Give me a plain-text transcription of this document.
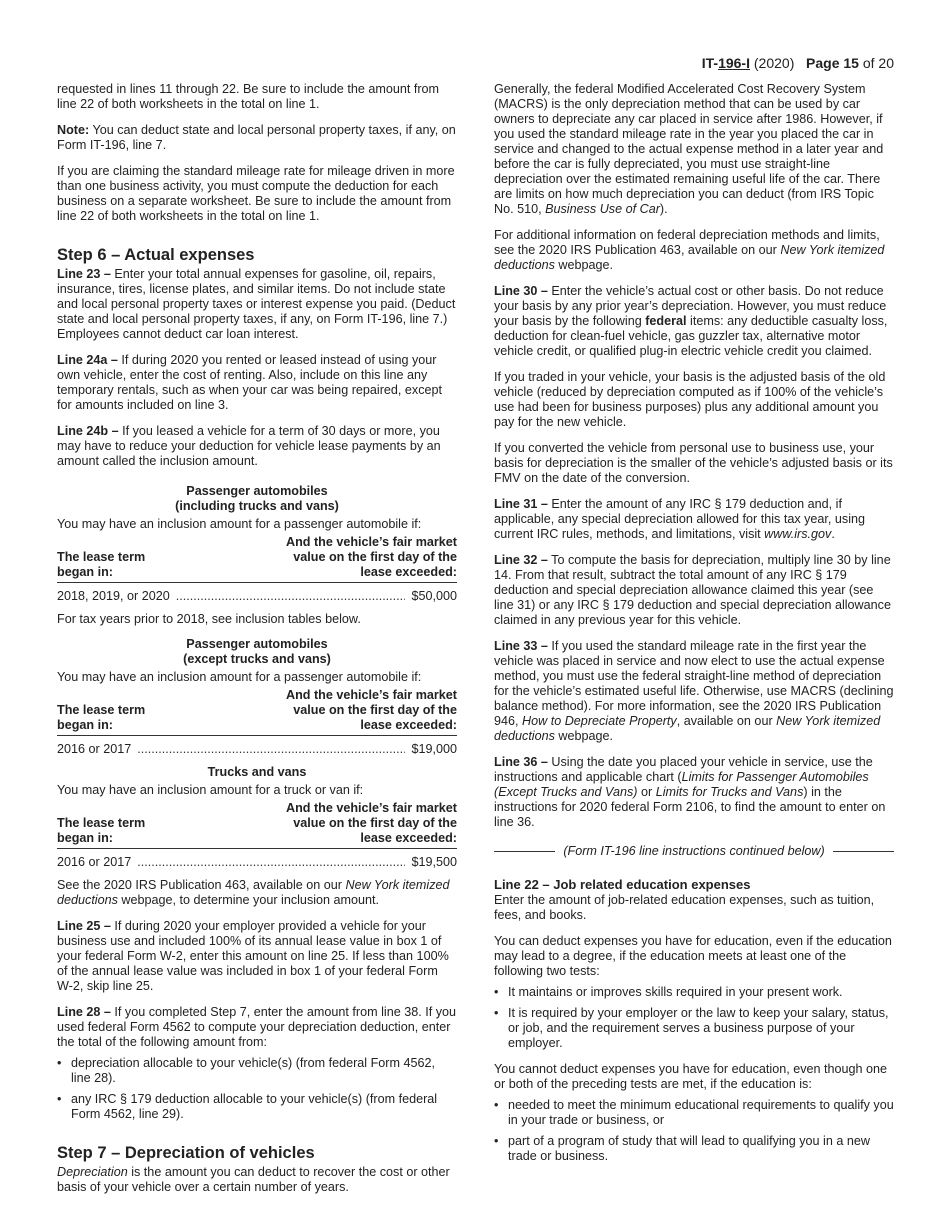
IT-196-I (2020) Page 15 of 20

requested in lines 11 through 22. Be sure to include the amount from line 22 of both worksheets in the total on line 1.

Note: You can deduct state and local personal property taxes, if any, on Form IT-196, line 7.

If you are claiming the standard mileage rate for mileage driven in more than one business activity, you must compute the deduction for each business on a separate worksheet. Be sure to include the amount from line 22 of both worksheets in the total on line 1.

Step 6 – Actual expenses

Line 23 – Enter your total annual expenses for gasoline, oil, repairs, insurance, tires, license plates, and similar items. Do not include state and local personal property taxes or interest expense you paid. (Deduct state and local personal property taxes, if any, on Form IT-196, line 7.) Employees cannot deduct car loan interest.

Line 24a – If during 2020 you rented or leased instead of using your own vehicle, enter the cost of renting. Also, include on this line any temporary rentals, such as when your car was being repaired, except for amounts included on line 3.

Line 24b – If you leased a vehicle for a term of 30 days or more, you may have to reduce your deduction for vehicle lease payments by an amount called the inclusion amount.

Passenger automobiles
(including trucks and vans)

You may have an inclusion amount for a passenger automobile if:

The lease term
began in:
And the vehicle’s fair market
value on the first day of the
lease exceeded:
2018, 2019, or 2020 .....	$50,000

For tax years prior to 2018, see inclusion tables below.

Passenger automobiles
(except trucks and vans)

You may have an inclusion amount for a passenger automobile if:

The lease term
began in:
And the vehicle’s fair market
value on the first day of the
lease exceeded:
2016 or 2017 .....	$19,000
Trucks and vans

You may have an inclusion amount for a truck or van if:

The lease term
began in:
And the vehicle’s fair market
value on the first day of the
lease exceeded:
2016 or 2017 .....	$19,500

See the 2020 IRS Publication 463, available on our New York itemized deductions webpage, to determine your inclusion amount.

Line 25 – If during 2020 your employer provided a vehicle for your business use and included 100% of its annual lease value in box 1 of your federal Form W-2, enter this amount on line 25. If less than 100% of the annual lease value was included in box 1 of your federal Form W-2, skip line 25.

Line 28 – If you completed Step 7, enter the amount from line 38. If you used federal Form 4562 to compute your depreciation deduction, enter the total of the following amount from:

• depreciation allocable to your vehicle(s) (from federal Form 4562, line 28).
• any IRC § 179 deduction allocable to your vehicle(s) (from federal Form 4562, line 29).
Step 7 – Depreciation of vehicles

Depreciation is the amount you can deduct to recover the cost or other basis of your vehicle over a certain number of years.

Generally, the federal Modified Accelerated Cost Recovery System (MACRS) is the only depreciation method that can be used by car owners to depreciate any car placed in service after 1986. However, if you used the standard mileage rate in the year you placed the car in service and changed to the actual expense method in a later year and before the car is fully depreciated, you must use straight-line depreciation over the estimated remaining useful life of the car. There are limits on how much depreciation you can deduct (from IRS Topic No. 510, Business Use of Car).

For additional information on federal depreciation methods and limits, see the 2020 IRS Publication 463, available on our New York itemized deductions webpage.

Line 30 – Enter the vehicle’s actual cost or other basis. Do not reduce your basis by any prior year’s depreciation. However, you must reduce your basis by the following federal items: any deductible casualty loss, deduction for clean-fuel vehicle, gas guzzler tax, alternative motor vehicle credit, or qualified plug-in electric vehicle credit you claimed.

If you traded in your vehicle, your basis is the adjusted basis of the old vehicle (reduced by depreciation computed as if 100% of the vehicle’s use had been for business purposes) plus any additional amount you pay for the new vehicle.

If you converted the vehicle from personal use to business use, your basis for depreciation is the smaller of the vehicle’s adjusted basis or its FMV on the date of the conversion.

Line 31 – Enter the amount of any IRC § 179 deduction and, if applicable, any special depreciation allowed for this tax year, using current IRC rules, methods, and limitations, visit www.irs.gov.

Line 32 – To compute the basis for depreciation, multiply line 30 by line 14. From that result, subtract the total amount of any IRC § 179 deduction and special depreciation allowance claimed this year (see line 31) or any IRC § 179 deduction and special depreciation allowance claimed in any previous year for this vehicle.

Line 33 – If you used the standard mileage rate in the first year the vehicle was placed in service and now elect to use the actual expense method, you must use the federal straight-line method of depreciation for the vehicle’s estimated useful life. Otherwise, use MACRS (declining balance method). For more information, see the 2020 IRS Publication 946, How to Depreciate Property, available on our New York itemized deductions webpage.

Line 36 – Using the date you placed your vehicle in service, use the instructions and applicable chart (Limits for Passenger Automobiles (Except Trucks and Vans) or Limits for Trucks and Vans) in the instructions for 2020 federal Form 2106, to find the amount to enter on line 36.

(Form IT-196 line instructions continued below)
Line 22 – Job related education expenses

Enter the amount of job-related education expenses, such as tuition, fees, and books.

You can deduct expenses you have for education, even if the education may lead to a degree, if the education meets at least one of the following two tests:

• It maintains or improves skills required in your present work.
• It is required by your employer or the law to keep your salary, status, or job, and the requirement serves a business purpose of your employer.

You cannot deduct expenses you have for education, even though one or both of the preceding tests are met, if the education is:

• needed to meet the minimum educational requirements to qualify you in your trade or business, or
• part of a program of study that will lead to qualifying you in a new trade or business.
